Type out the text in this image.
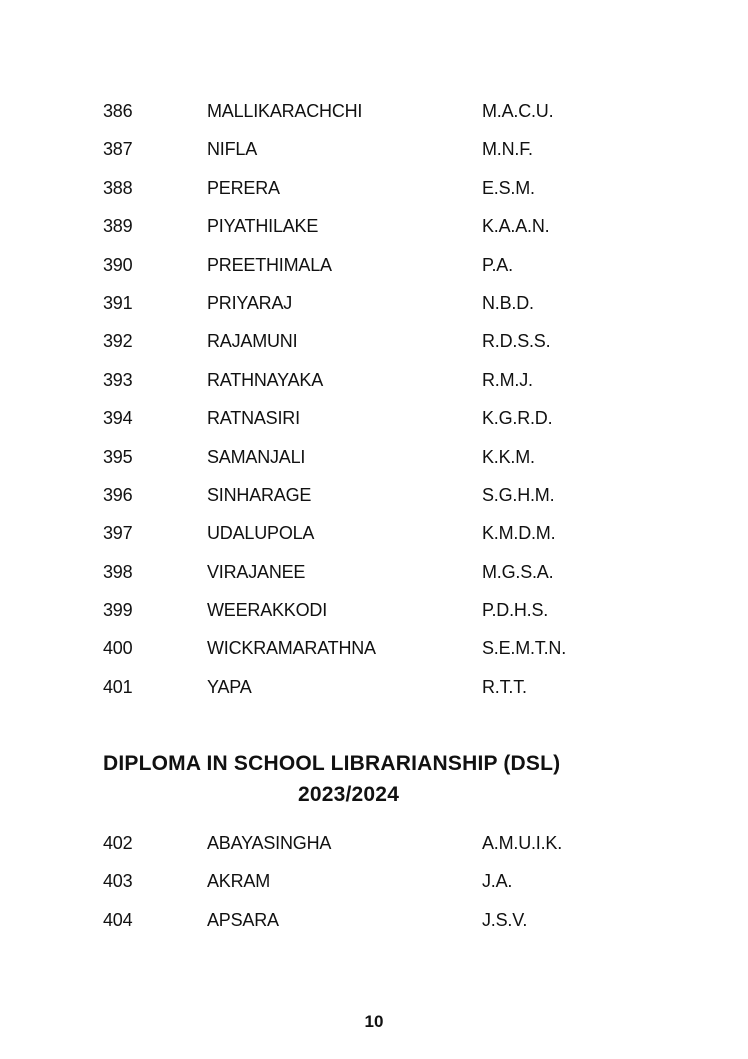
386	MALLIKARACHCHI	M.A.C.U.
387	NIFLA	M.N.F.
388	PERERA	E.S.M.
389	PIYATHILAKE	K.A.A.N.
390	PREETHIMALA	P.A.
391	PRIYARAJ	N.B.D.
392	RAJAMUNI	R.D.S.S.
393	RATHNAYAKA	R.M.J.
394	RATNASIRI	K.G.R.D.
395	SAMANJALI	K.K.M.
396	SINHARAGE	S.G.H.M.
397	UDALUPOLA	K.M.D.M.
398	VIRAJANEE	M.G.S.A.
399	WEERAKKODI	P.D.H.S.
400	WICKRAMARATHNA	S.E.M.T.N.
401	YAPA	R.T.T.
DIPLOMA IN SCHOOL LIBRARIANSHIP (DSL)
2023/2024
402	ABAYASINGHA	A.M.U.I.K.
403	AKRAM	J.A.
404	APSARA	J.S.V.
10
